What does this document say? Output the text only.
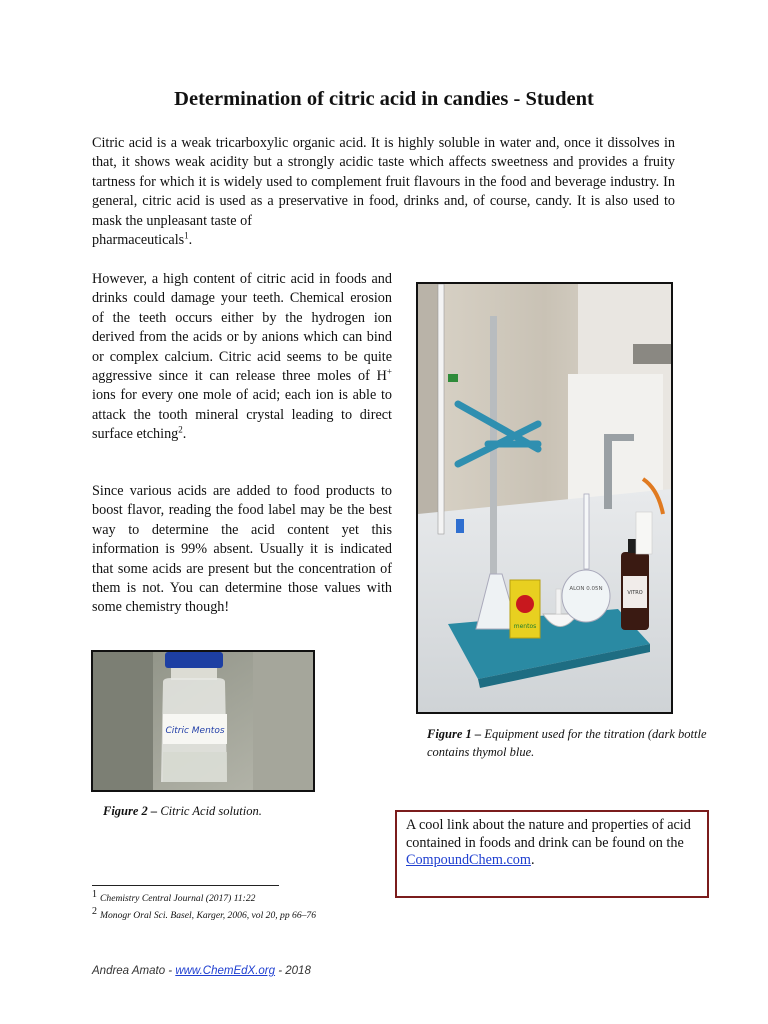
Determination of citric acid in candies - Student

Citric acid is a weak tricarboxylic organic acid. It is highly soluble in water and, once it dissolves in that, it shows weak acidity but a strongly acidic taste which affects sweetness and provides a fruity tartness for which it is widely used to complement fruit flavours in the food and beverage industry. In general, citric acid is used as a preservative in food, drinks and, of course, candy. It is also used to mask the unpleasant taste of
pharmaceuticals$^1$.

However, a high content of citric acid in foods and drinks could damage your teeth. Chemical erosion of the teeth occurs either by the hydrogen ion derived from the acids or by anions which can bind or complex calcium. Citric acid seems to be quite aggressive since it can release three moles of H+ ions for every one mole of acid; each ion is able to attack the tooth mineral crystal leading to direct surface etching$^2$.

Since various acids are added to food products to boost flavor, reading the food label may be the best way to determine the acid content yet this information is 99% absent. Usually it is indicated that some acids are present but the concentration of them is not. You can determine those values with some chemistry though!

mentos
ALON 0.05N
VITRO

Figure 1 – Equipment used for the titration (dark bottle contains thymol blue.

Citric Mentos

Figure 2 – Citric Acid solution.

A cool link about the nature and properties of acid contained in foods and drink can be found on the CompoundChem.com.
1 Chemistry Central Journal (2017) 11:22
2 Monogr Oral Sci. Basel, Karger, 2006, vol 20, pp 66–76
Andrea Amato - www.ChemEdX.org - 2018
